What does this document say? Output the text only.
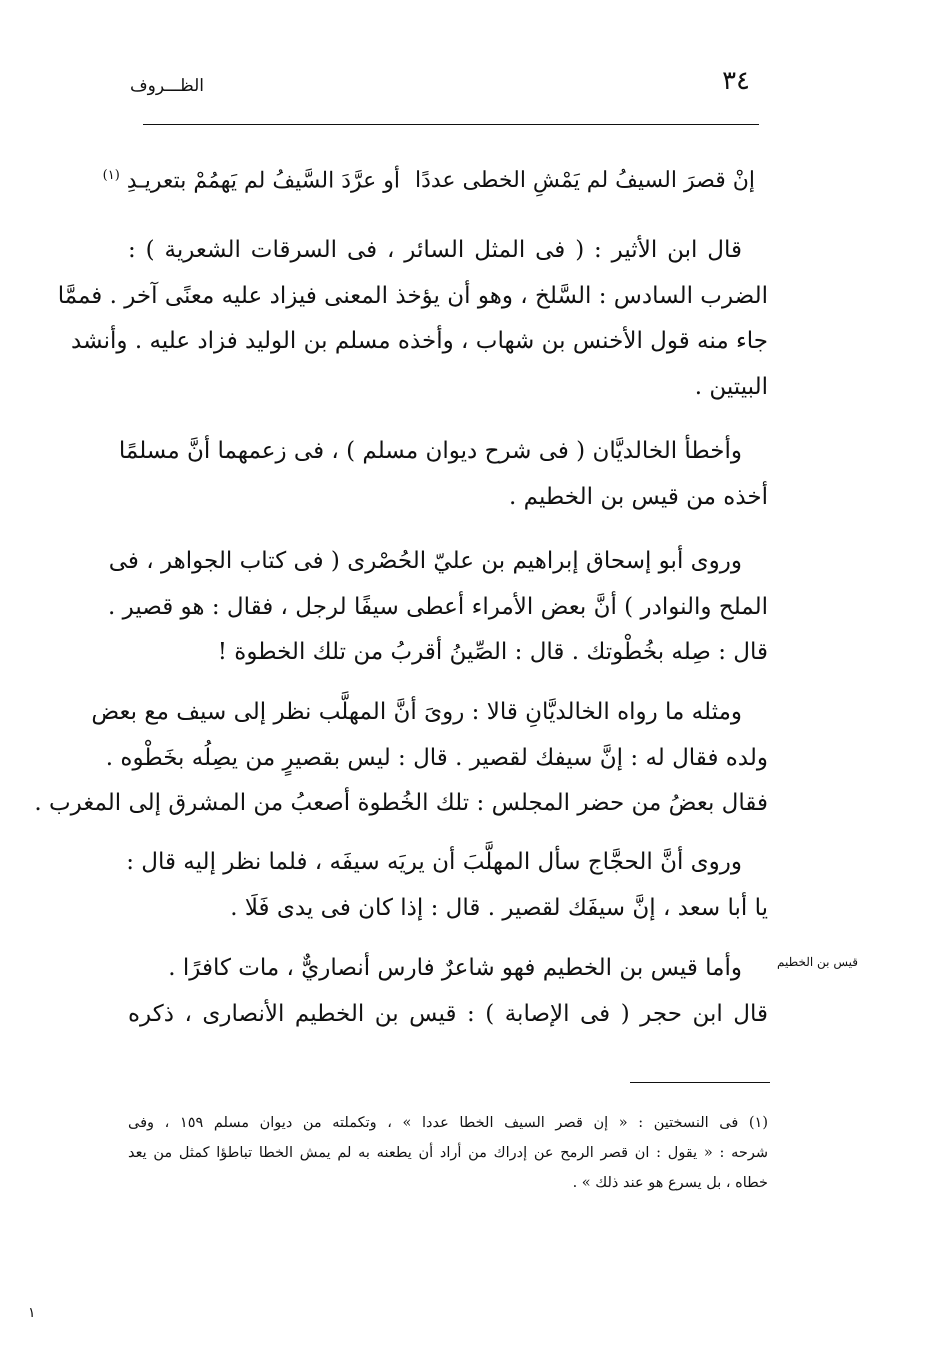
٣٤
الظـــروف
إنْ قصرَ السيفُ لم يَمْشِ الخطى عددًا
أو عرَّدَ السَّيفُ لم يَهمُمْ بتعريـدِ $^{(١)}$
قال ابن الأثير : ( فى المثل السائر ، فى السرقات الشعرية ) :
الضرب السادس : السَّلخ ، وهو أن يؤخذ المعنى فيزاد عليه معنًى آخر . فممَّا
جاء منه قول الأخنس بن شهاب ، وأخذه مسلم بن الوليد فزاد عليه . وأنشد
البيتين .
وأخطأ الخالديَّان ( فى شرح ديوان مسلم ) ، فى زعمهما أنَّ مسلمًا
أخذه من قيس بن الخطيم .
وروى أبو إسحاق إبراهيم بن عليّ الحُصْرى ( فى كتاب الجواهر ، فى
الملح والنوادر ) أنَّ بعض الأمراء أعطى سيفًا لرجل ، فقال : هو قصير .
قال : صِله بخُطْوتك . قال : الصِّينُ أقربُ من تلك الخطوة !
ومثله ما رواه الخالديَّانِ قالا : روىَ أنَّ المهلَّب نظر إلى سيف مع بعض
ولده فقال له : إنَّ سيفك لقصير . قال : ليس بقصيرٍ من يصِلُه بخَطْوه .
فقال بعضُ من حضر المجلس : تلك الخُطوة أصعبُ من المشرق إلى المغرب .
وروى أنَّ الحجَّاج سأل المهلَّبَ أن يريَه سيفَه ، فلما نظر إليه قال :
يا أبا سعد ، إنَّ سيفَك لقصير . قال : إذا كان فى يدى فَلَا .
وأما قيس بن الخطيم فهو شاعرٌ فارس أنصاريٌّ ، مات كافرًا .
قال ابن حجر ( فى الإصابة ) : قيس بن الخطيم الأنصارى ، ذكره
قيس بن الخطيم
(١) فى النسختين : « إن قصر السيف الخطا عددا » ، وتكملته من ديوان مسلم ١٥٩ ، وفى
شرحه : « يقول : ان قصر الرمح عن إدراك من أراد أن يطعنه به لم يمش الخطا تباطؤا كمثل من يعد
خطاه ، بل يسرع هو عند ذلك » .
١
